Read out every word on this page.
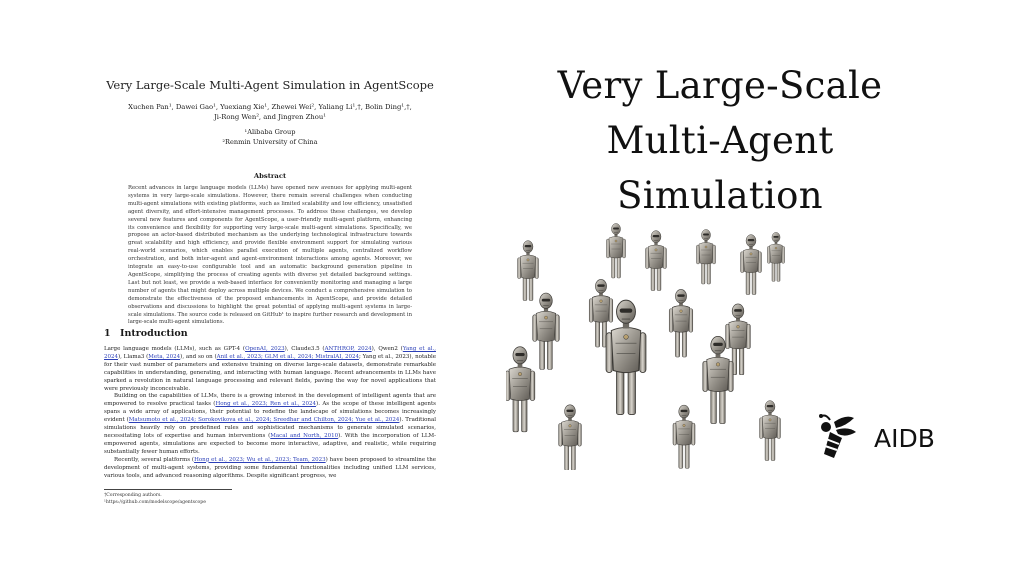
Very Large-Scale Multi-Agent Simulation in AgentScope
Xuchen Pan¹, Dawei Gao¹, Yuexiang Xie¹, Zhewei Wei², Yaliang Li¹,†, Bolin Ding¹,†,
Ji-Rong Wen², and Jingren Zhou¹
¹Alibaba Group
²Renmin University of China
Abstract
Recent advances in large language models (LLMs) have opened new avenues for applying multi-agent systems in very large-scale simulations. However, there remain several challenges when conducting multi-agent simulations with existing platforms, such as limited scalability and low efficiency, unsatisfied agent diversity, and effort-intensive management processes. To address these challenges, we develop several new features and components for AgentScope, a user-friendly multi-agent platform, enhancing its convenience and flexibility for supporting very large-scale multi-agent simulations. Specifically, we propose an actor-based distributed mechanism as the underlying technological infrastructure towards great scalability and high efficiency, and provide flexible environment support for simulating various real-world scenarios, which enables parallel execution of multiple agents, centralized workflow orchestration, and both inter-agent and agent-environment interactions among agents. Moreover, we integrate an easy-to-use configurable tool and an automatic background generation pipeline in AgentScope, simplifying the process of creating agents with diverse yet detailed background settings. Last but not least, we provide a web-based interface for conveniently monitoring and managing a large number of agents that might deploy across multiple devices. We conduct a comprehensive simulation to demonstrate the effectiveness of the proposed enhancements in AgentScope, and provide detailed observations and discussions to highlight the great potential of applying multi-agent systems in large-scale simulations. The source code is released on GitHub¹ to inspire further research and development in large-scale multi-agent simulations.
1 Introduction

Large language models (LLMs), such as GPT-4 (OpenAI, 2023), Claude3.5 (ANTHROP, 2024), Qwen2 (Yang et al., 2024), Llama3 (Meta, 2024), and so on (Anil et al., 2023; GLM et al., 2024; MistralAI, 2024; Yang et al., 2023), notable for their vast number of parameters and extensive training on diverse large-scale datasets, demonstrate remarkable capabilities in understanding, generating, and interacting with human language. Recent advancements in LLMs have sparked a revolution in natural language processing and relevant fields, paving the way for novel applications that were previously inconceivable.

Building on the capabilities of LLMs, there is a growing interest in the development of intelligent agents that are empowered to resolve practical tasks (Hong et al., 2023; Ren et al., 2024). As the scope of these intelligent agents spans a wide array of applications, their potential to redefine the landscape of simulations becomes increasingly evident (Matsumoto et al., 2024; Sorokovikova et al., 2024; Sreedhar and Chilton, 2024; Yue et al., 2024). Traditional simulations heavily rely on predefined rules and sophisticated mechanisms to generate simulated scenarios, necessitating lots of expertise and human interventions (Macal and North, 2010). With the incorporation of LLM-empowered agents, simulations are expected to become more interactive, adaptive, and realistic, while requiring substantially fewer human efforts.

Recently, several platforms (Hong et al., 2023; Wu et al., 2023; Team, 2023) have been proposed to streamline the development of multi-agent systems, providing some fundamental functionalities including unified LLM services, various tools, and advanced reasoning algorithms. Despite significant progress, we

†Corresponding authors.
¹https://github.com/modelscope/agentscope
Very Large-Scale
Multi-Agent
Simulation
AIDB
